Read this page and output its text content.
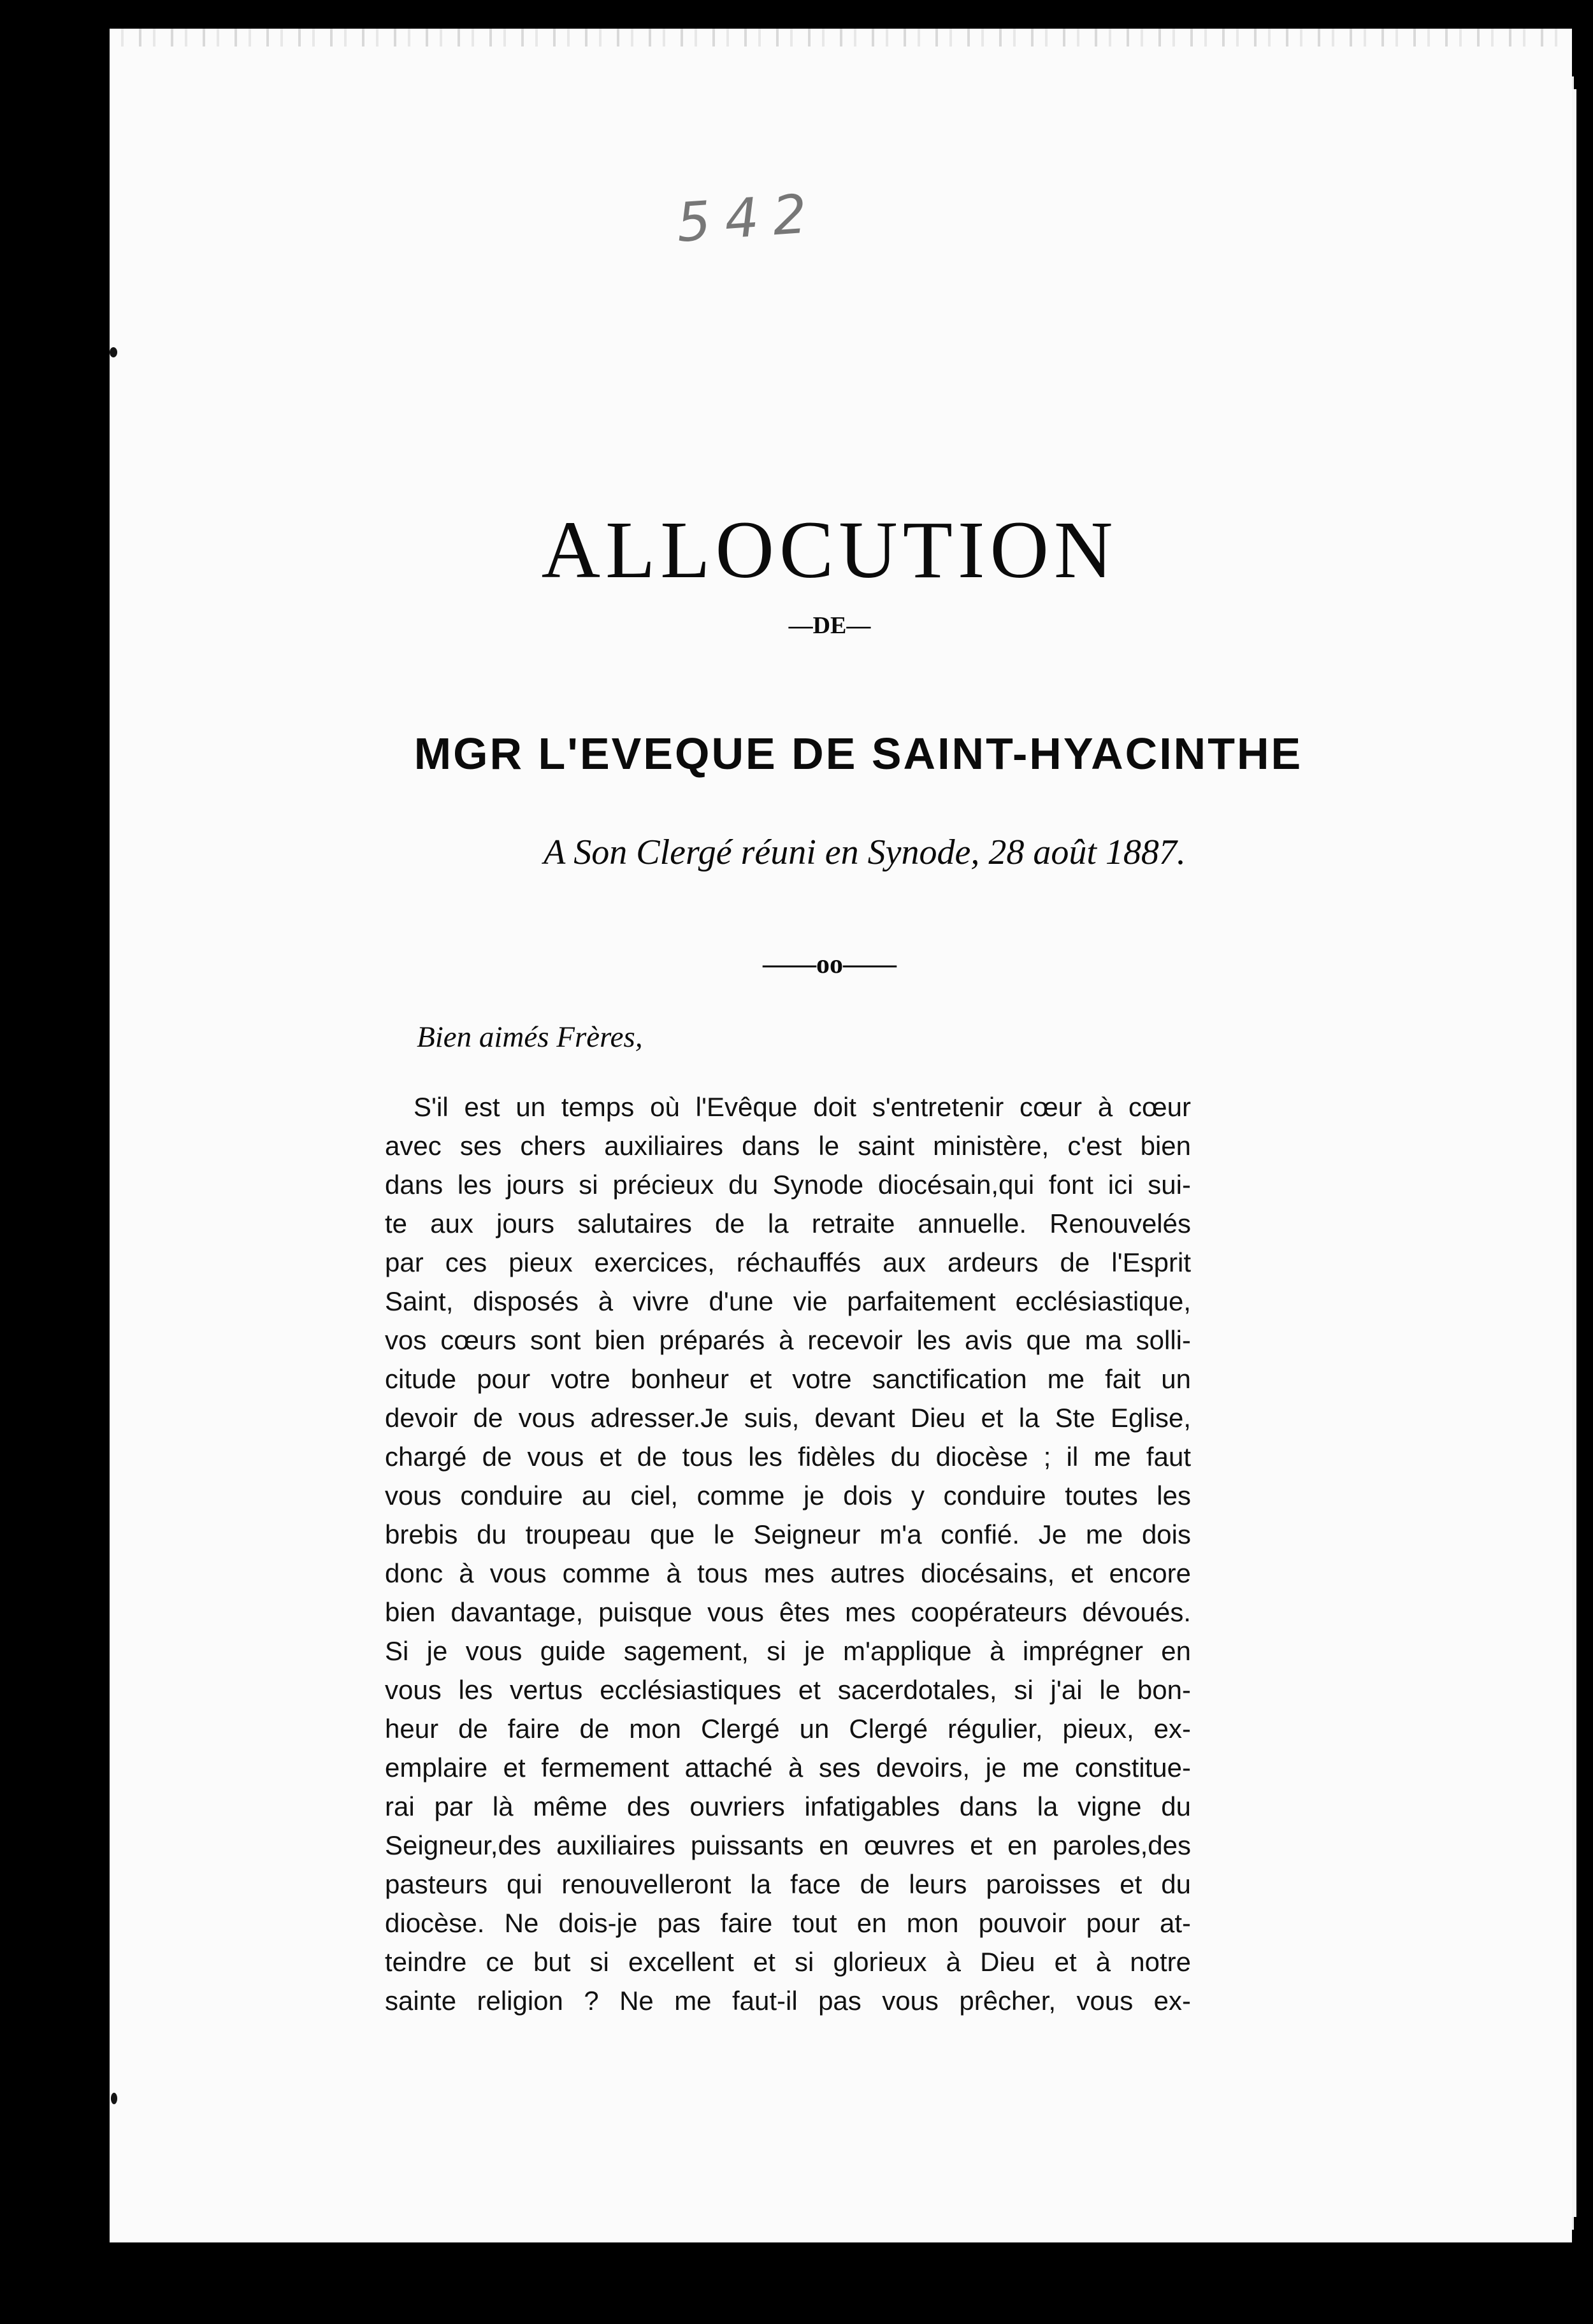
542
ALLOCUTION
—DE—
MGR L'EVEQUE DE SAINT-HYACINTHE
A Son Clergé réuni en Synode, 28 août 1887.
——oo——
Bien aimés Frères,
S'il est un temps où l'Evêque doit s'entretenir cœur à cœur
avec ses chers auxiliaires dans le saint ministère, c'est bien
dans les jours si précieux du Synode diocésain,qui font ici sui-
te aux jours salutaires de la retraite annuelle. Renouvelés
par ces pieux exercices, réchauffés aux ardeurs de l'Esprit
Saint, disposés à vivre d'une vie parfaitement ecclésiastique,
vos cœurs sont bien préparés à recevoir les avis que ma solli-
citude pour votre bonheur et votre sanctification me fait un
devoir de vous adresser.Je suis, devant Dieu et la Ste Eglise,
chargé de vous et de tous les fidèles du diocèse ; il me faut
vous conduire au ciel, comme je dois y conduire toutes les
brebis du troupeau que le Seigneur m'a confié. Je me dois
donc à vous comme à tous mes autres diocésains, et encore
bien davantage, puisque vous êtes mes coopérateurs dévoués.
Si je vous guide sagement, si je m'applique à imprégner en
vous les vertus ecclésiastiques et sacerdotales, si j'ai le bon-
heur de faire de mon Clergé un Clergé régulier, pieux, ex-
emplaire et fermement attaché à ses devoirs, je me constitue-
rai par là même des ouvriers infatigables dans la vigne du
Seigneur,des auxiliaires puissants en œuvres et en paroles,des
pasteurs qui renouvelleront la face de leurs paroisses et du
diocèse. Ne dois-je pas faire tout en mon pouvoir pour at-
teindre ce but si excellent et si glorieux à Dieu et à notre
sainte religion ? Ne me faut-il pas vous prêcher, vous ex-
